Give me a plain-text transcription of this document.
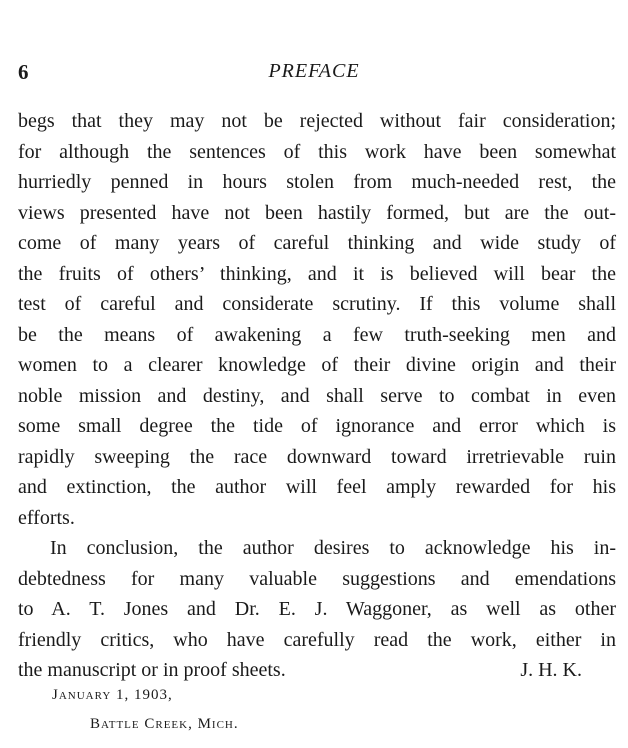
6	PREFACE
begs that they may not be rejected without fair consideration;
for although the sentences of this work have been somewhat
hurriedly penned in hours stolen from much-needed rest, the
views presented have not been hastily formed, but are the out-
come of many years of careful thinking and wide study of
the fruits of others’ thinking, and it is believed will bear the
test of careful and considerate scrutiny. If this volume shall
be the means of awakening a few truth-seeking men and
women to a clearer knowledge of their divine origin and their
noble mission and destiny, and shall serve to combat in even
some small degree the tide of ignorance and error which is
rapidly sweeping the race downward toward irretrievable ruin
and extinction, the author will feel amply rewarded for his
efforts.
In conclusion, the author desires to acknowledge his in-
debtedness for many valuable suggestions and emendations
to A. T. Jones and Dr. E. J. Waggoner, as well as other
friendly critics, who have carefully read the work, either in
the manuscript or in proof sheets.	J. H. K.
January 1, 1903,
Battle Creek, Mich.
